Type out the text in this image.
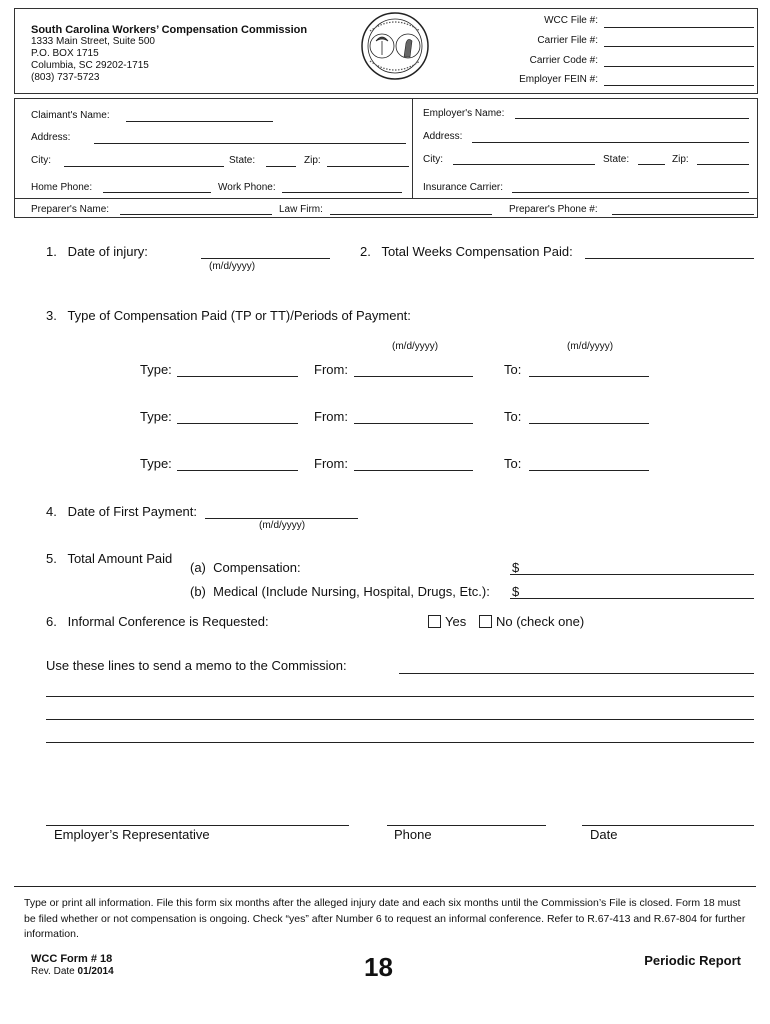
South Carolina Workers’ Compensation Commission
1333 Main Street, Suite 500
P.O. BOX 1715
Columbia, SC 29202-1715
(803) 737-5723
WCC File #:
Carrier File #:
Carrier Code #:
Employer FEIN #:
Claimant's Name:
Address:
City:	State:	Zip:
Home Phone:	Work Phone:
Employer's Name:
Address:
City:	State:	Zip:
Insurance Carrier:
Preparer's Name:	Law Firm:	Preparer's Phone #:
1.   Date of injury:
(m/d/yyyy)
2.   Total Weeks Compensation Paid:
3.   Type of Compensation Paid (TP or TT)/Periods of Payment:
(m/d/yyyy)	(m/d/yyyy)
Type:	From:	To:
Type:	From:	To:
Type:	From:	To:
4.   Date of First Payment:
(m/d/yyyy)
5.   Total Amount Paid
(a)  Compensation:	$
(b)  Medical (Include Nursing, Hospital, Drugs, Etc.): $
6.   Informal Conference is Requested:	Yes No (check one)
Use these lines to send a memo to the Commission:
Employer’s Representative	Phone	Date
Type or print all information. File this form six months after the alleged injury date and each six months until the Commission’s File is closed. Form 18 must be filed whether or not compensation is ongoing. Check “yes” after Number 6 to request an informal conference. Refer to R.67-413 and R.67-804 for further information.
WCC Form # 18
Rev. Date 01/2014	18	Periodic Report
